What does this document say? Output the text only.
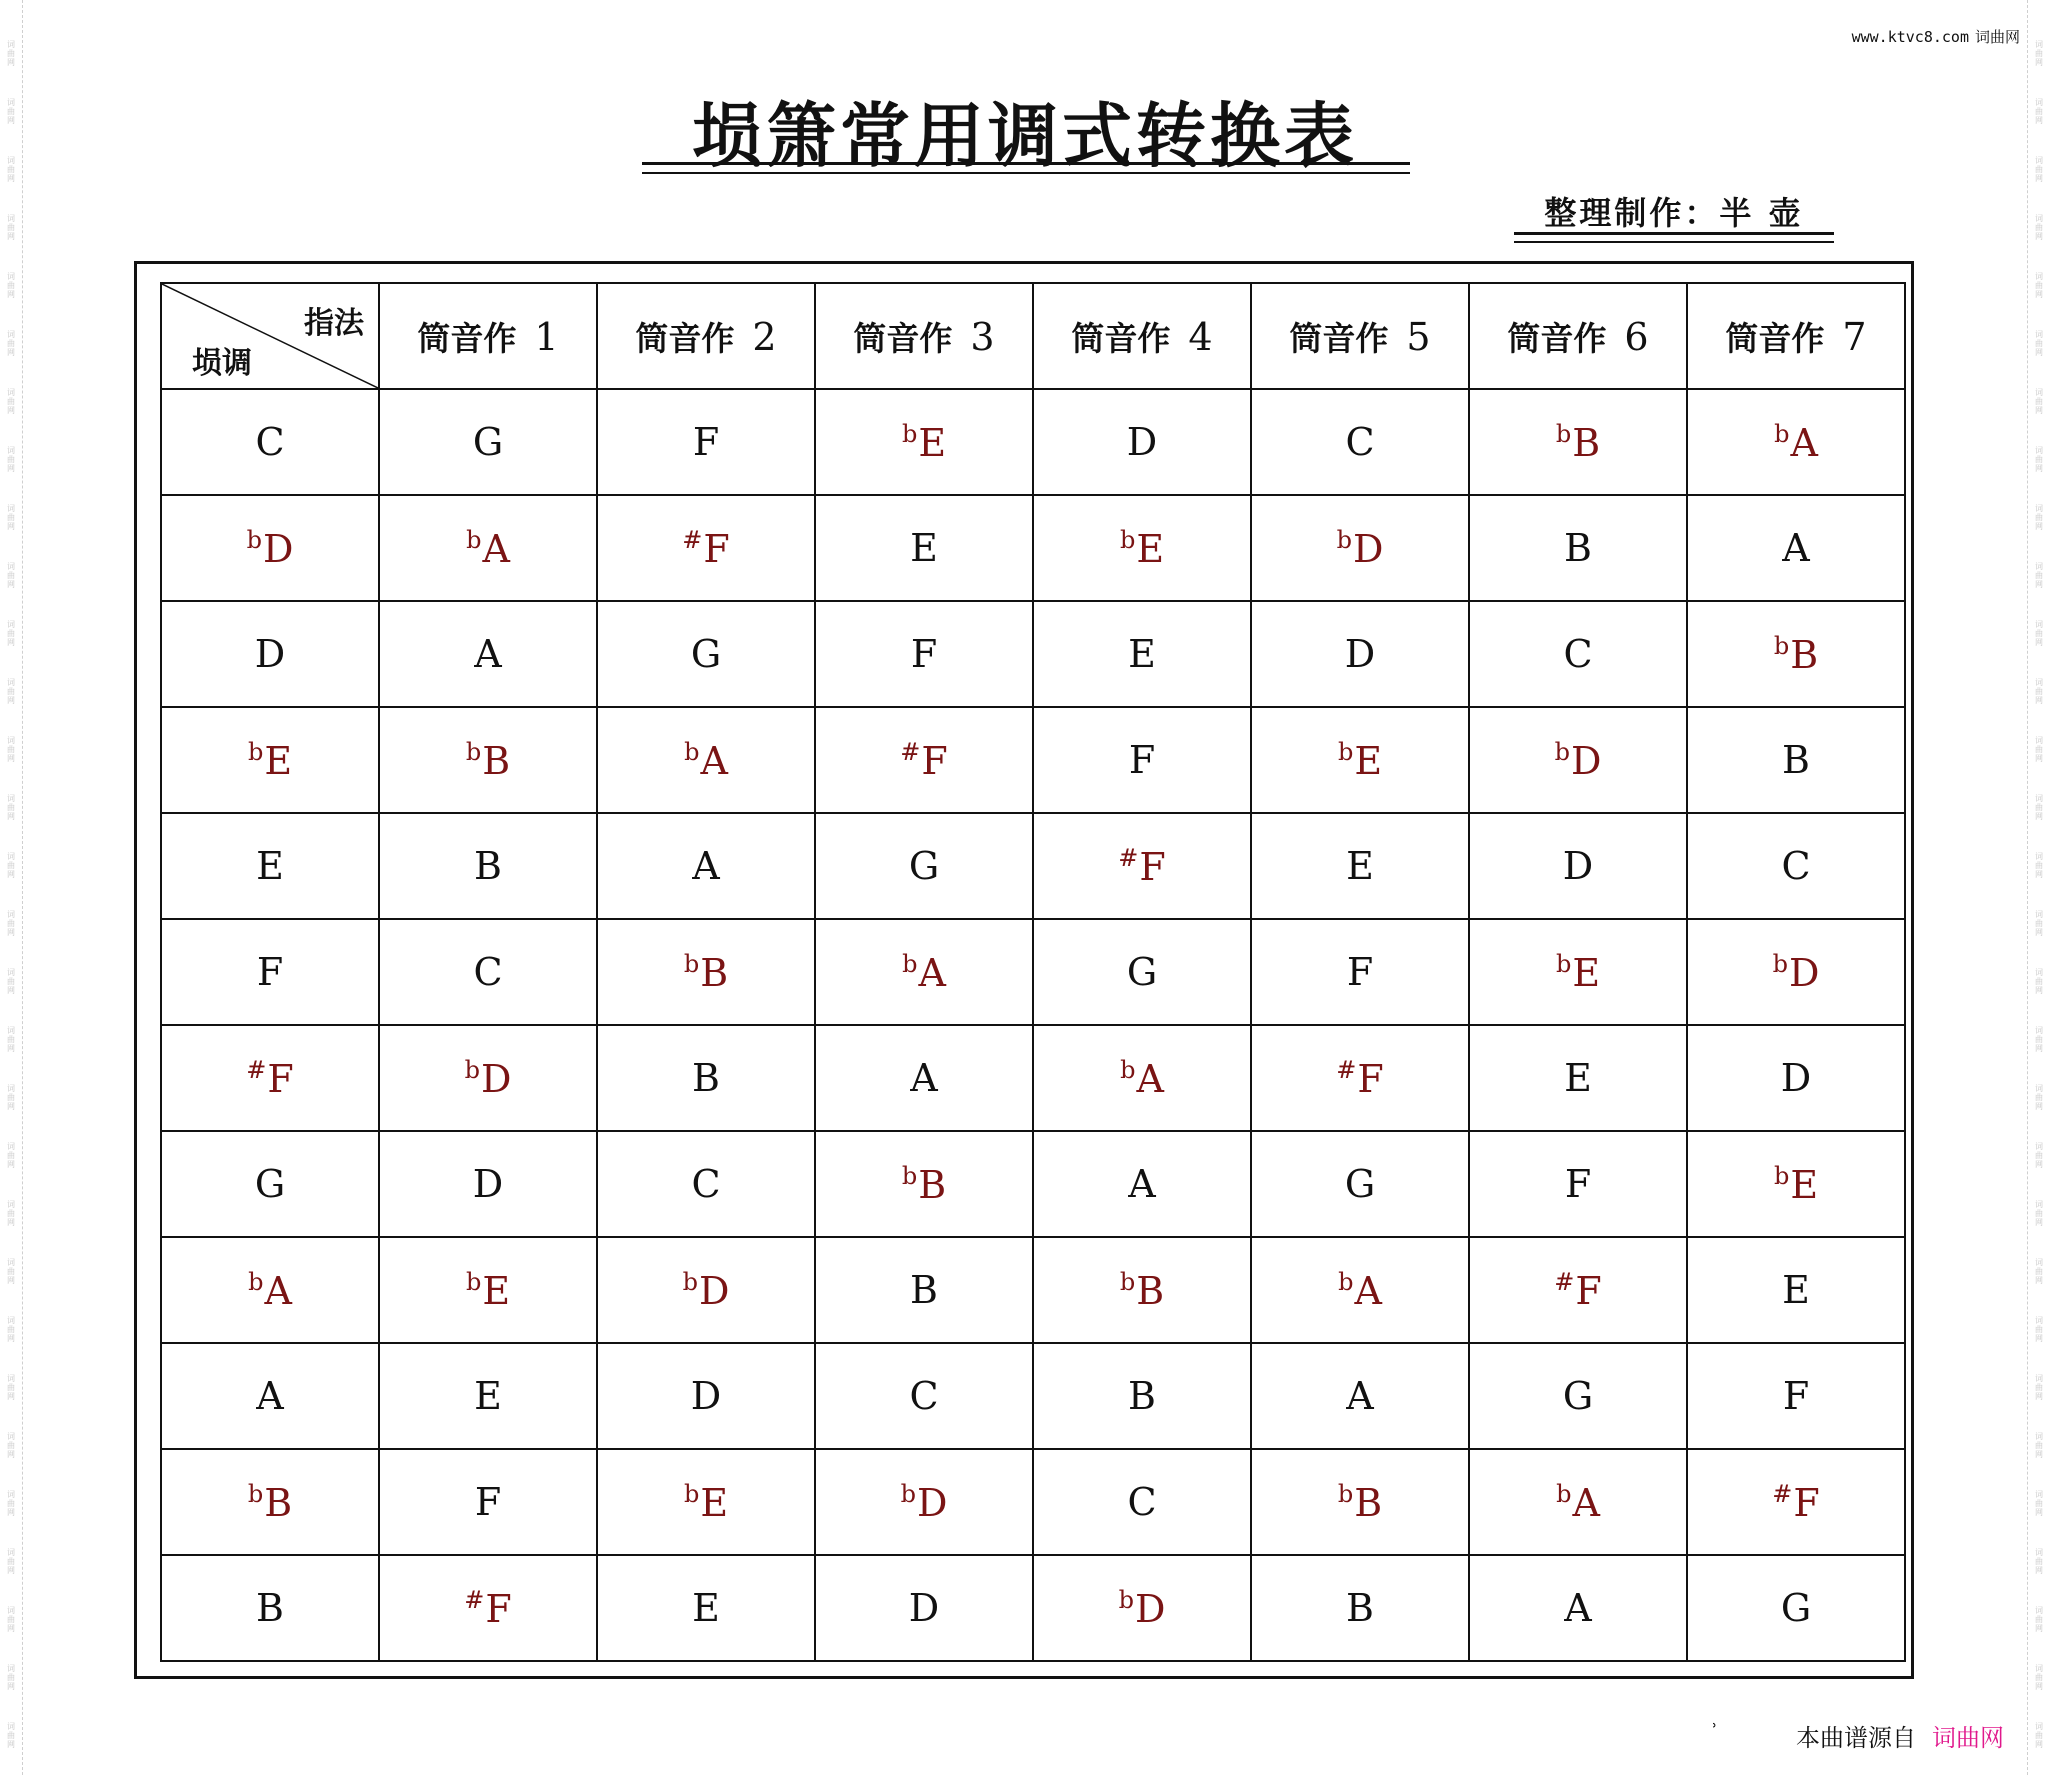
词曲网
词曲网
词曲网
词曲网
词曲网
词曲网
词曲网
词曲网
词曲网
词曲网
词曲网
词曲网
词曲网
词曲网
词曲网
词曲网
词曲网
词曲网
词曲网
词曲网
词曲网
词曲网
词曲网
词曲网
词曲网
词曲网
词曲网
词曲网
词曲网
词曲网
词曲网
词曲网
词曲网
词曲网
词曲网
词曲网
词曲网
词曲网
词曲网
词曲网
词曲网
词曲网
词曲网
词曲网
词曲网
词曲网
词曲网
词曲网
词曲网
词曲网
词曲网
词曲网
词曲网
词曲网
词曲网
词曲网
词曲网
词曲网
词曲网
词曲网
www.ktvc8.com 词曲网
埙箫常用调式转换表
整理制作：半 壶
指法
埙调	筒音作 1	筒音作 2	筒音作 3	筒音作 4	筒音作 5	筒音作 6	筒音作 7
C	G	F	$^b$E	D	C	$^b$B	$^b$A
$^b$D	$^b$A	#F	E	$^b$E	$^b$D	B	A
D	A	G	F	E	D	C	$^b$B
$^b$E	$^b$B	$^b$A	#F	F	$^b$E	$^b$D	B
E	B	A	G	#F	E	D	C
F	C	$^b$B	$^b$A	G	F	$^b$E	$^b$D
#F	$^b$D	B	A	$^b$A	#F	E	D
G	D	C	$^b$B	A	G	F	$^b$E
$^b$A	$^b$E	$^b$D	B	$^b$B	$^b$A	#F	E
A	E	D	C	B	A	G	F
$^b$B	F	$^b$E	$^b$D	C	$^b$B	$^b$A	#F
B	#F	E	D	$^b$D	B	A	G
˒	本曲谱源自 词曲网
